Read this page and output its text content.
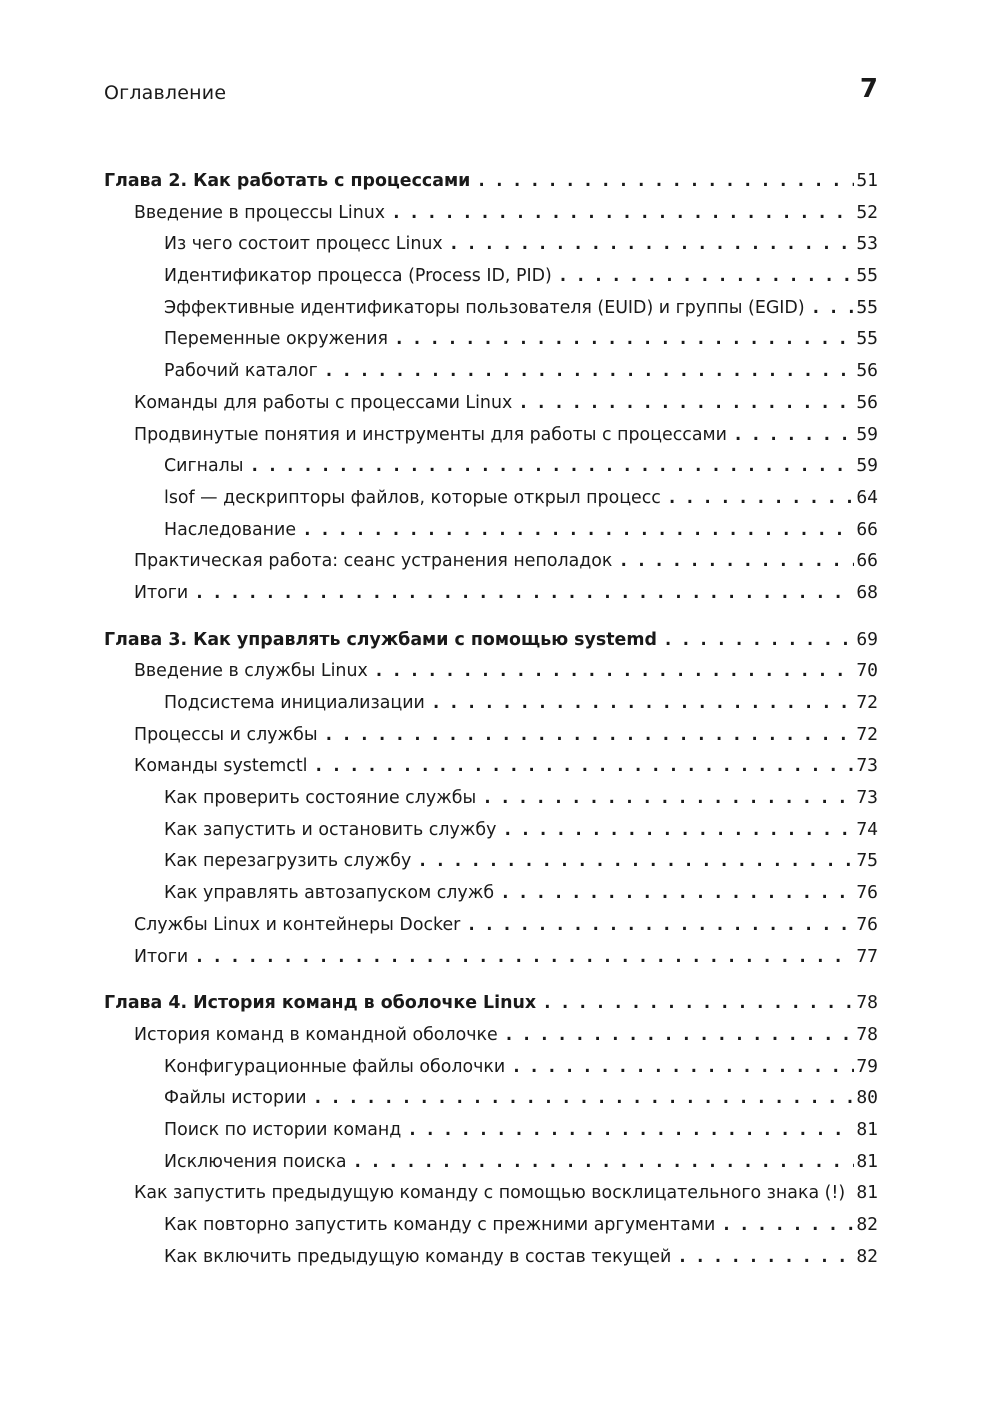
Оглавление	7
Глава 2. Как работать с процессами . . .	51
Введение в процессы Linux . . .	52
Из чего состоит процесс Linux . . .	53
Идентификатор процесса (Process ID, PID) . . .	55
Эффективные идентификаторы пользователя (EUID) и группы (EGID) . . .	55
Переменные окружения . . .	55
Рабочий каталог . . .	56
Команды для работы с процессами Linux . . .	56
Продвинутые понятия и инструменты для работы с процессами . . .	59
Сигналы . . .	59
lsof — дескрипторы файлов, которые открыл процесс . . .	64
Наследование . . .	66
Практическая работа: сеанс устранения неполадок . . .	66
Итоги . . .	68
Глава 3. Как управлять службами с помощью systemd . . .	69
Введение в службы Linux . . .	70
Подсистема инициализации . . .	72
Процессы и службы . . .	72
Команды systemctl . . .	73
Как проверить состояние службы . . .	73
Как запустить и остановить службу . . .	74
Как перезагрузить службу . . .	75
Как управлять автозапуском служб . . .	76
Службы Linux и контейнеры Docker . . .	76
Итоги . . .	77
Глава 4. История команд в оболочке Linux . . .	78
История команд в командной оболочке . . .	78
Конфигурационные файлы оболочки . . .	79
Файлы истории . . .	80
Поиск по истории команд . . .	81
Исключения поиска . . .	81
Как запустить предыдущую команду с помощью восклицательного знака (!) . . . 81
Как повторно запустить команду с прежними аргументами . . .	82
Как включить предыдущую команду в состав текущей . . .	82
